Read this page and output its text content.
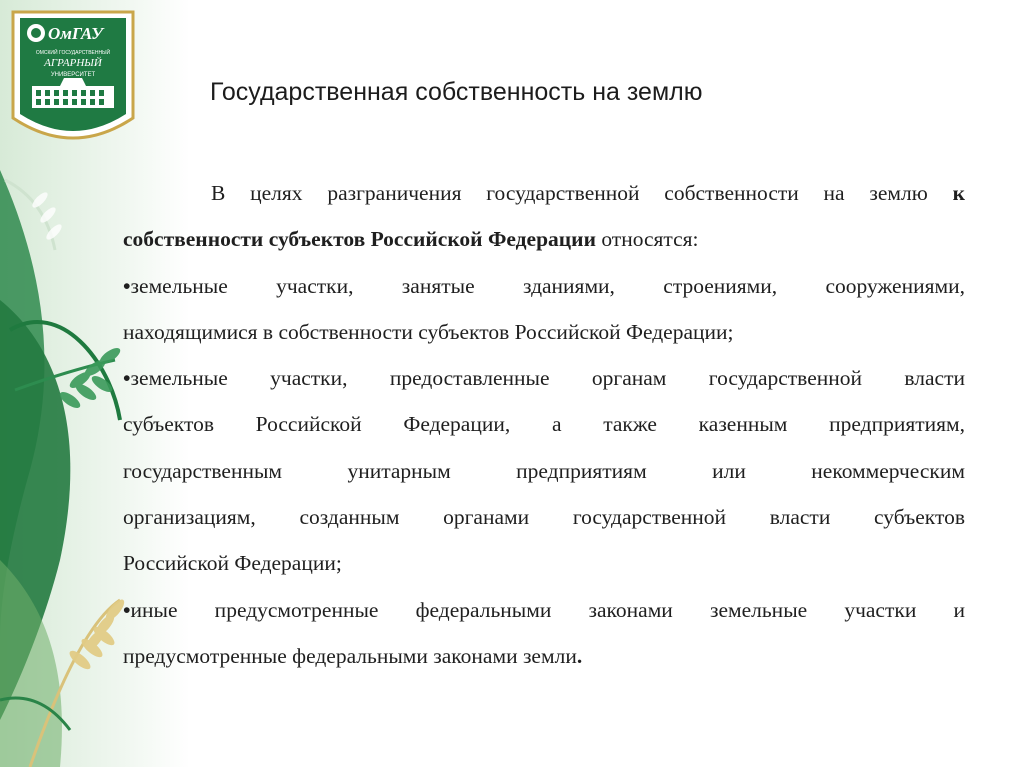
ОмГАУ
ОМСКИЙ ГОСУДАРСТВЕННЫЙ
АГРАРНЫЙ
УНИВЕРСИТЕТ
Государственная собственность на землю

В целях разграничения государственной собственности на землю к

собственности субъектов Российской Федерации относятся:

•земельные участки, занятые зданиями, строениями, сооружениями,

находящимися в собственности субъектов Российской Федерации;

•земельные участки, предоставленные органам государственной власти

субъектов Российской Федерации, а также казенным предприятиям,

государственным унитарным предприятиям или некоммерческим

организациям, созданным органами государственной власти субъектов

Российской Федерации;

•иные предусмотренные федеральными законами земельные участки и

предусмотренные федеральными законами земли.
